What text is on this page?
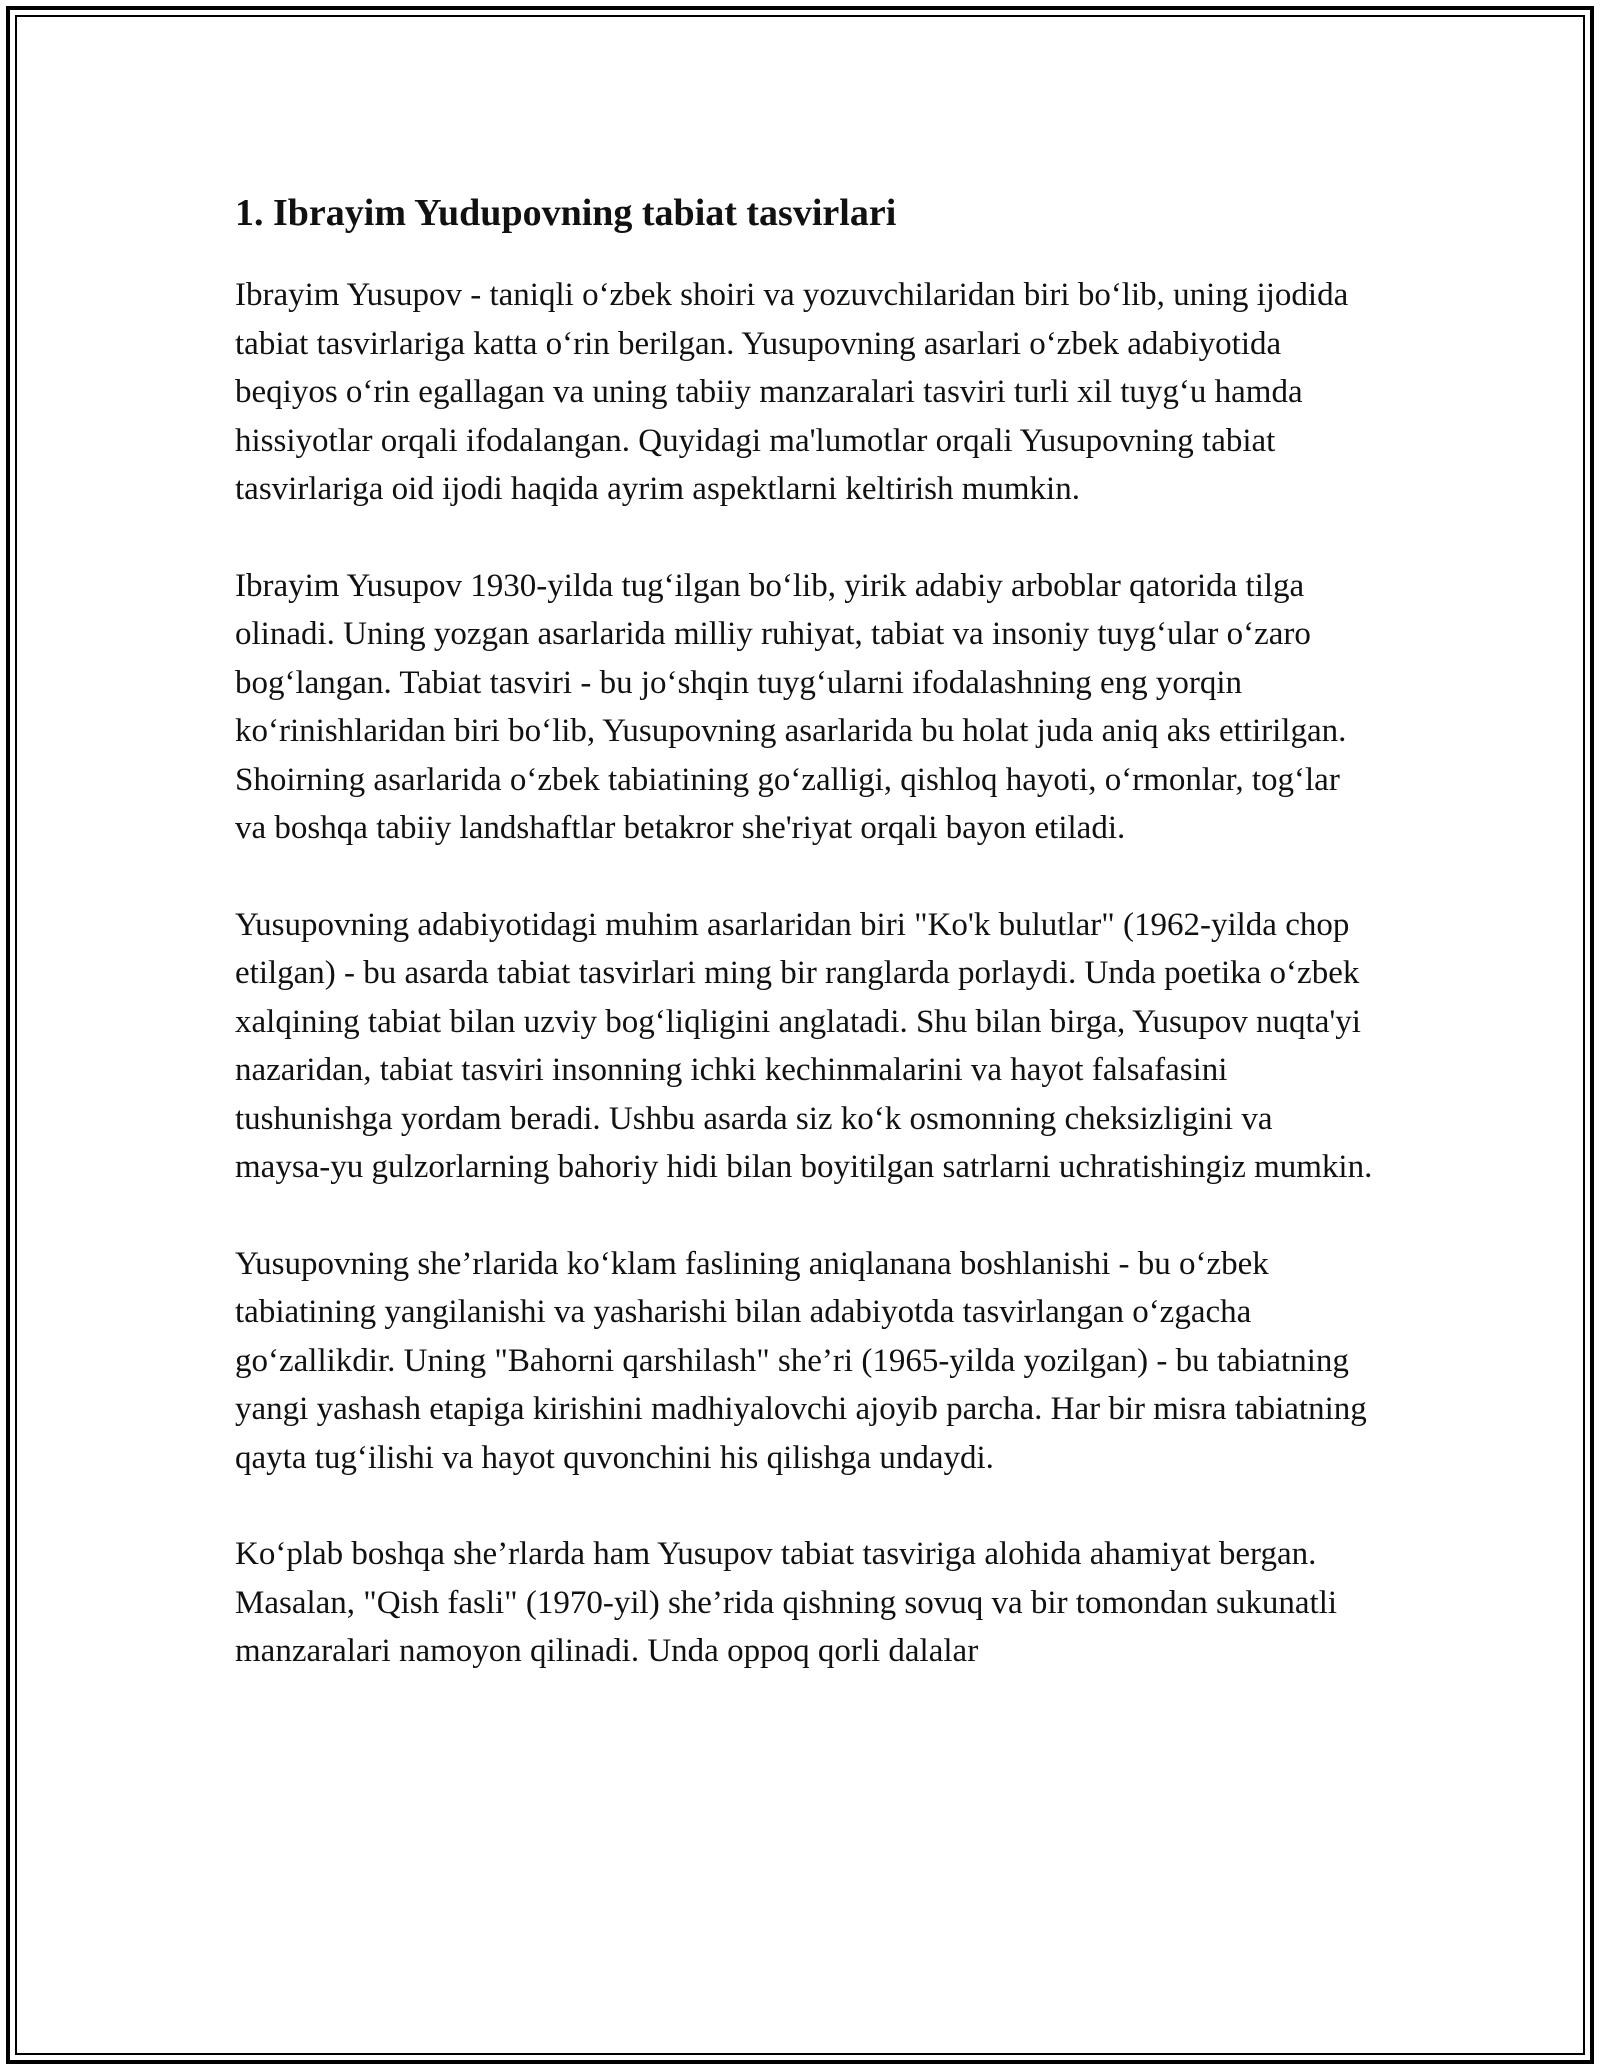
1. Ibrayim Yudupovning tabiat tasvirlari

Ibrayim Yusupov - taniqli o‘zbek shoiri va yozuvchilaridan biri bo‘lib, uning ijodida tabiat tasvirlariga katta o‘rin berilgan. Yusupovning asarlari o‘zbek adabiyotida beqiyos o‘rin egallagan va uning tabiiy manzaralari tasviri turli xil tuyg‘u hamda hissiyotlar orqali ifodalangan. Quyidagi ma'lumotlar orqali Yusupovning tabiat tasvirlariga oid ijodi haqida ayrim aspektlarni keltirish mumkin.

Ibrayim Yusupov 1930-yilda tug‘ilgan bo‘lib, yirik adabiy arboblar qatorida tilga olinadi. Uning yozgan asarlarida milliy ruhiyat, tabiat va insoniy tuyg‘ular o‘zaro bog‘langan. Tabiat tasviri - bu jo‘shqin tuyg‘ularni ifodalashning eng yorqin ko‘rinishlaridan biri bo‘lib, Yusupovning asarlarida bu holat juda aniq aks ettirilgan. Shoirning asarlarida o‘zbek tabiatining go‘zalligi, qishloq hayoti, o‘rmonlar, tog‘lar va boshqa tabiiy landshaftlar betakror she'riyat orqali bayon etiladi.

Yusupovning adabiyotidagi muhim asarlaridan biri "Ko'k bulutlar" (1962-yilda chop etilgan) - bu asarda tabiat tasvirlari ming bir ranglarda porlaydi. Unda poetika o‘zbek xalqining tabiat bilan uzviy bog‘liqligini anglatadi. Shu bilan birga, Yusupov nuqta'yi nazaridan, tabiat tasviri insonning ichki kechinmalarini va hayot falsafasini tushunishga yordam beradi. Ushbu asarda siz ko‘k osmonning cheksizligini va maysa-yu gulzorlarning bahoriy hidi bilan boyitilgan satrlarni uchratishingiz mumkin.

Yusupovning she’rlarida ko‘klam faslining aniqlanana boshlanishi - bu o‘zbek tabiatining yangilanishi va yasharishi bilan adabiyotda tasvirlangan o‘zgacha go‘zallikdir. Uning "Bahorni qarshilash" she’ri (1965-yilda yozilgan) - bu tabiatning yangi yashash etapiga kirishini madhiyalovchi ajoyib parcha. Har bir misra tabiatning qayta tug‘ilishi va hayot quvonchini his qilishga undaydi.

Ko‘plab boshqa she’rlarda ham Yusupov tabiat tasviriga alohida ahamiyat bergan. Masalan, "Qish fasli" (1970-yil) she’rida qishning sovuq va bir tomondan sukunatli manzaralari namoyon qilinadi. Unda oppoq qorli dalalar
